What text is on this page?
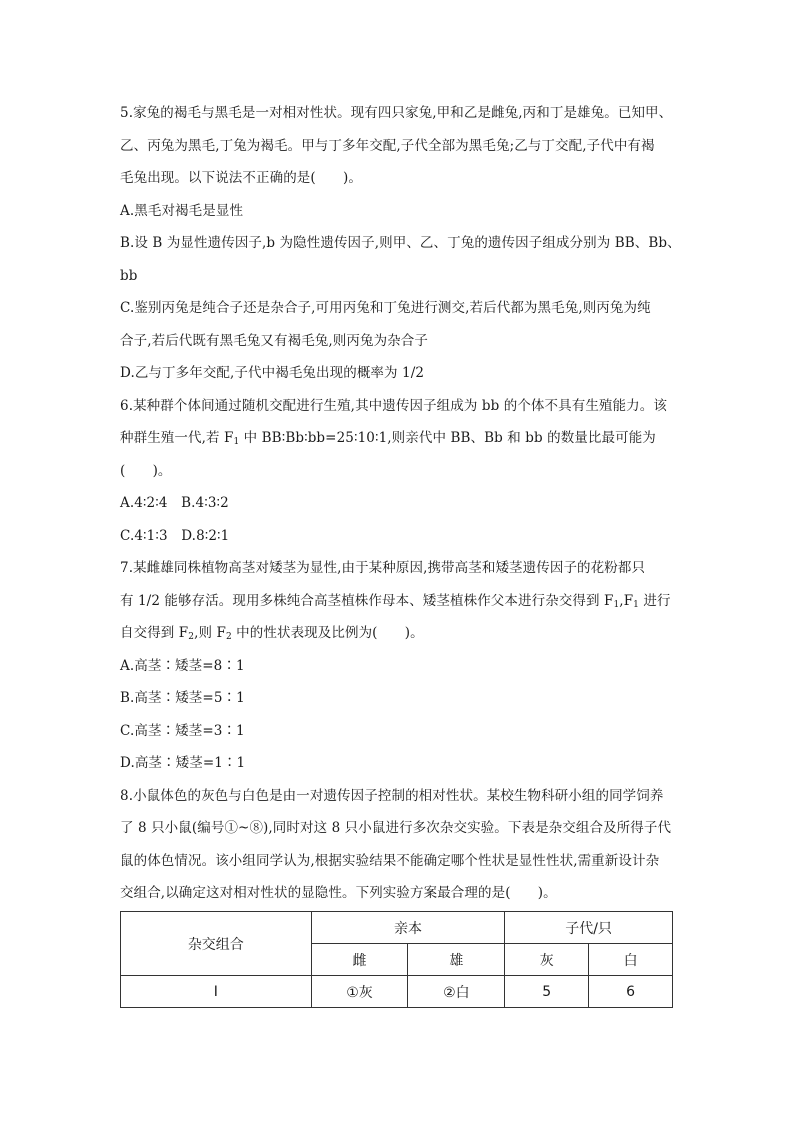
5.家兔的褐毛与黑毛是一对相对性状。现有四只家兔,甲和乙是雌兔,丙和丁是雄兔。已知甲、
乙、丙兔为黑毛,丁兔为褐毛。甲与丁多年交配,子代全部为黑毛兔;乙与丁交配,子代中有褐
毛兔出现。以下说法不正确的是(　　)。
A.黑毛对褐毛是显性
B.设 B 为显性遗传因子,b 为隐性遗传因子,则甲、乙、丁兔的遗传因子组成分别为 BB、Bb、
bb
C.鉴别丙兔是纯合子还是杂合子,可用丙兔和丁兔进行测交,若后代都为黑毛兔,则丙兔为纯
合子,若后代既有黑毛兔又有褐毛兔,则丙兔为杂合子
D.乙与丁多年交配,子代中褐毛兔出现的概率为 1/2
6.某种群个体间通过随机交配进行生殖,其中遗传因子组成为 bb 的个体不具有生殖能力。该
种群生殖一代,若 $F_1$ 中 BB∶Bb∶bb=25∶10∶1,则亲代中 BB、Bb 和 bb 的数量比最可能为
(　　)。
A.4∶2∶4　B.4∶3∶2
C.4∶1∶3　D.8∶2∶1
7.某雌雄同株植物高茎对矮茎为显性,由于某种原因,携带高茎和矮茎遗传因子的花粉都只
有 1/2 能够存活。现用多株纯合高茎植株作母本、矮茎植株作父本进行杂交得到 $F_1,F_1$ 进行
自交得到 $F_2$,则 $F_2$ 中的性状表现及比例为(　　)。
A.高茎∶矮茎=8∶1
B.高茎∶矮茎=5∶1
C.高茎∶矮茎=3∶1
D.高茎∶矮茎=1∶1
8.小鼠体色的灰色与白色是由一对遗传因子控制的相对性状。某校生物科研小组的同学饲养
了 8 只小鼠(编号①~⑧),同时对这 8 只小鼠进行多次杂交实验。下表是杂交组合及所得子代
鼠的体色情况。该小组同学认为,根据实验结果不能确定哪个性状是显性性状,需重新设计杂
交组合,以确定这对相对性状的显隐性。下列实验方案最合理的是(　　)。
杂交组合	亲本		子代/只	
	雌	雄	灰	白
Ⅰ	①灰	②白	5	6
